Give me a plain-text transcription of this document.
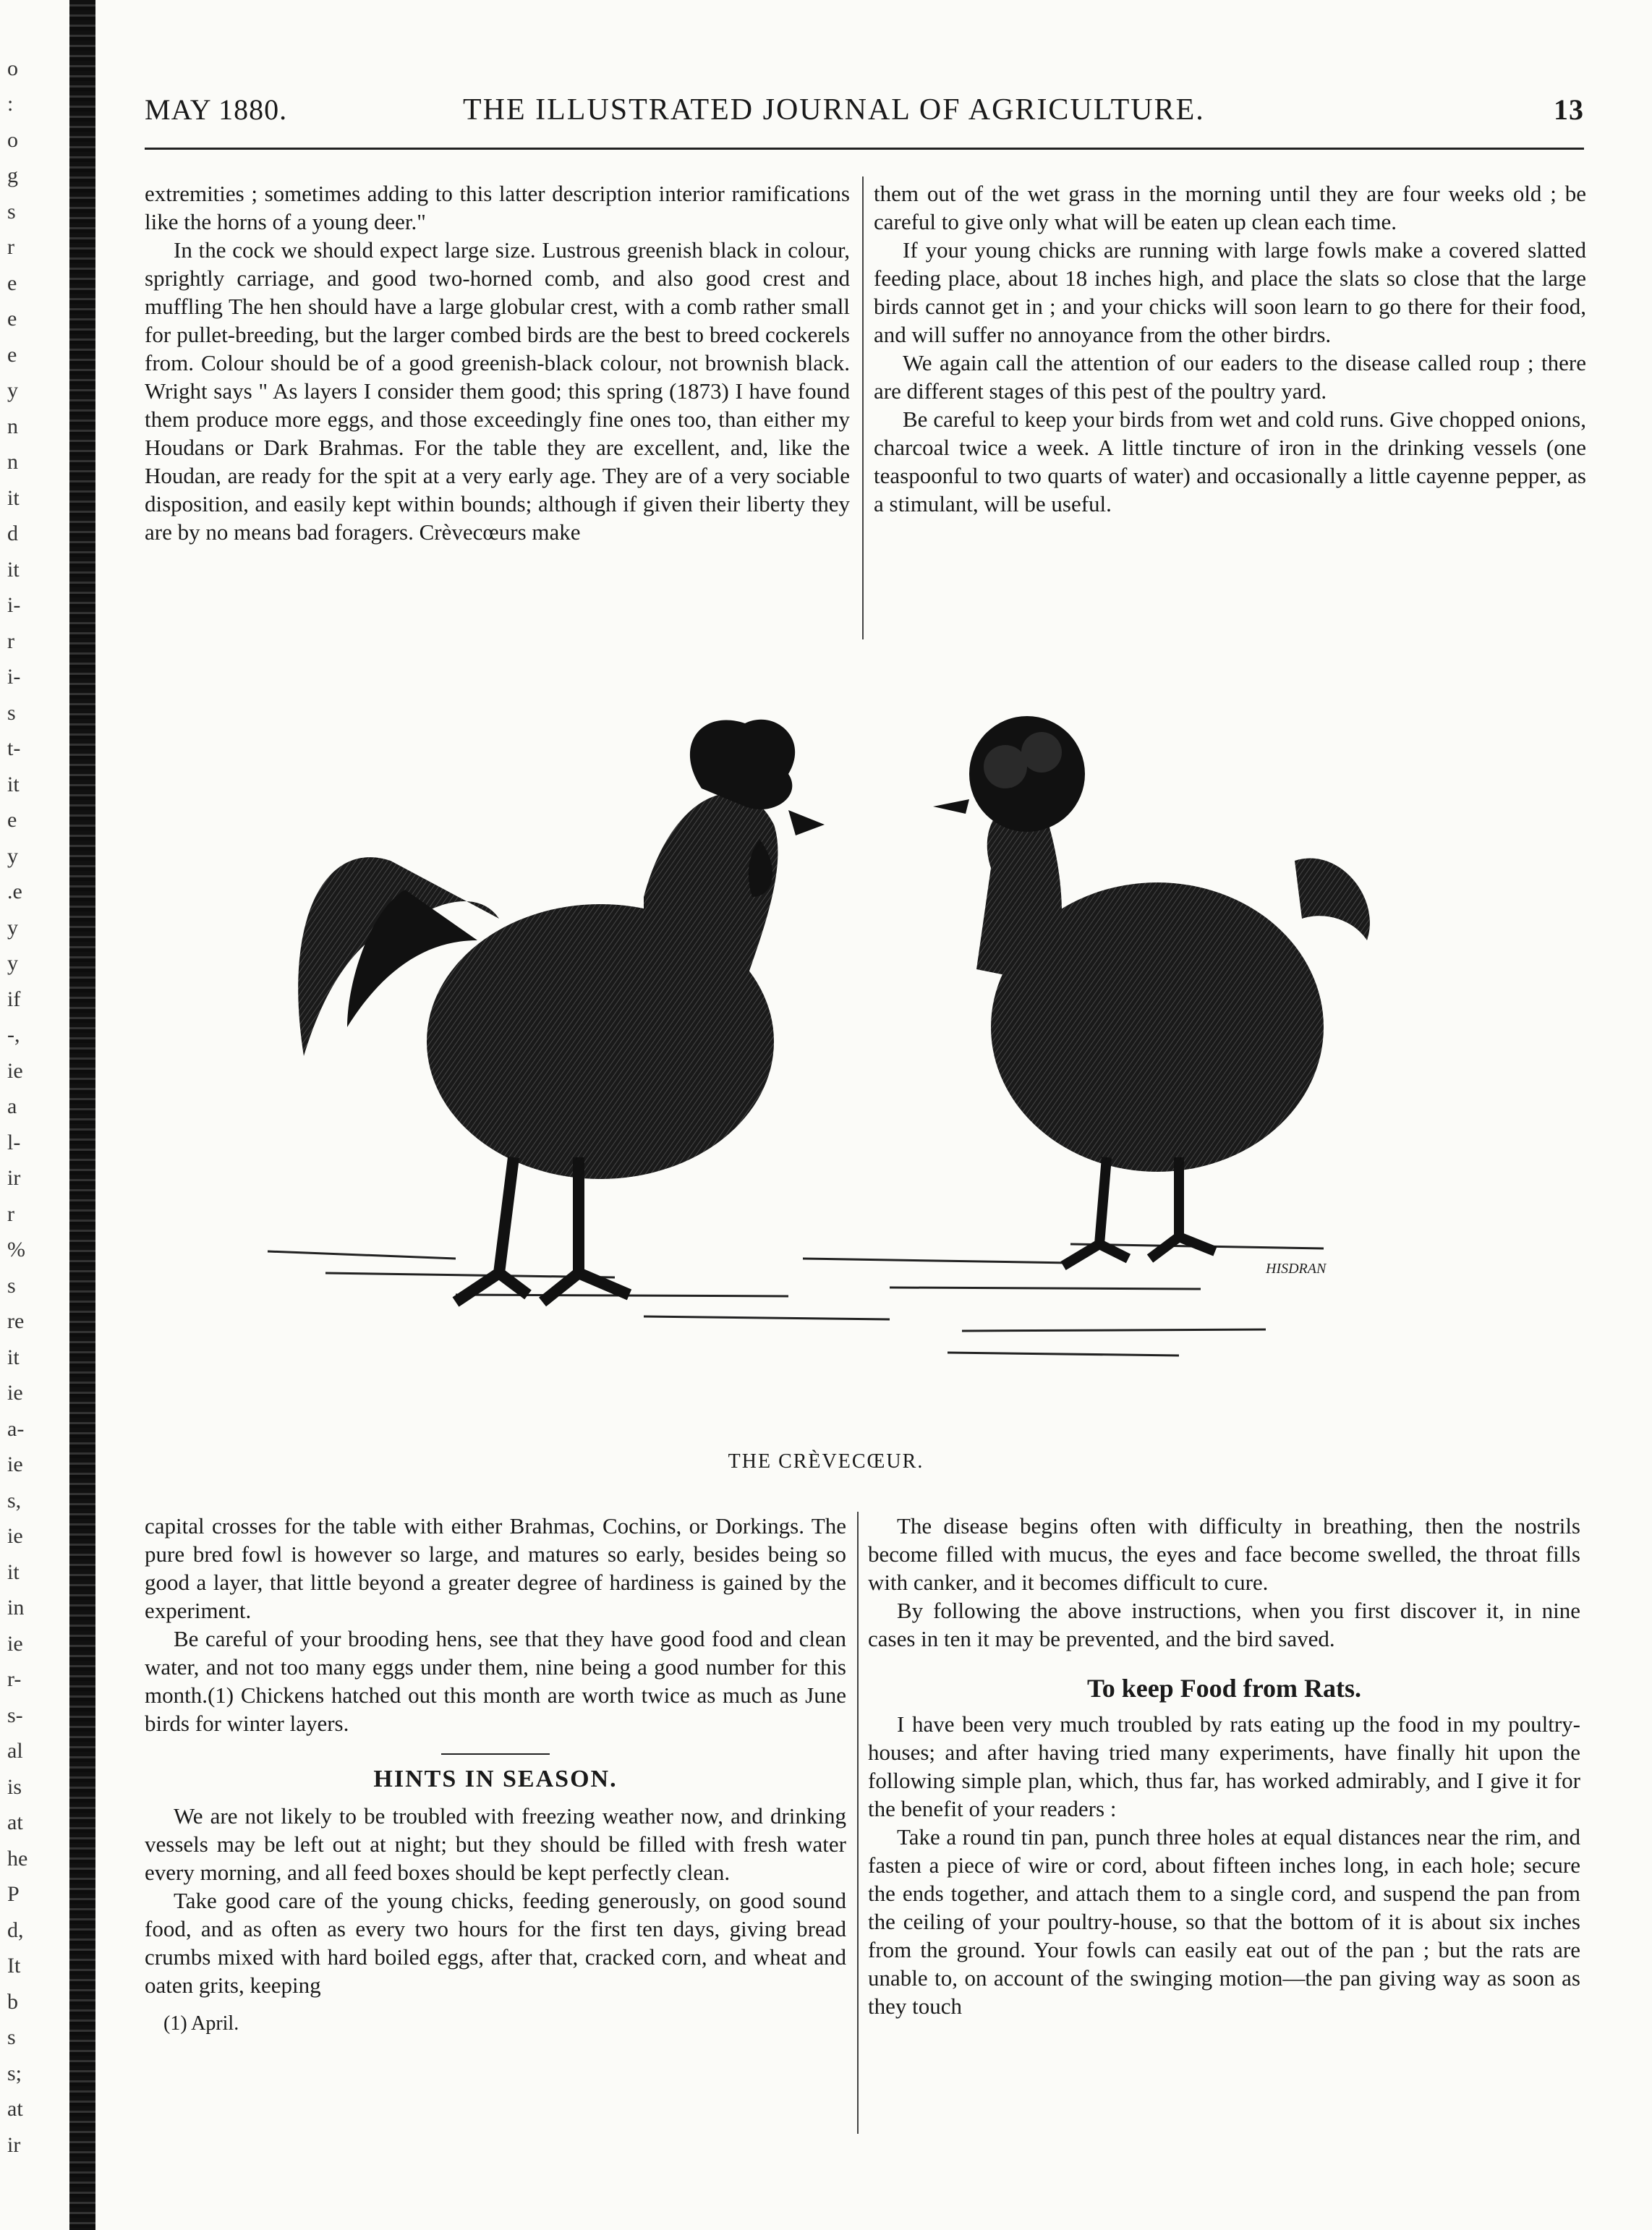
o
:
o
g
s
r
e
e
e
y
n
n
it
d
it
i-
r
i-
s
t-
it
e
y
.e
y
y
if
-,
ie
a
l-
ir
r
%
s
re
it
ie
a-
ie
s,
ie
it
in
ie
r-
s-
al
is
at
he
P
d,
It
b
s
s;
at
ir
MAY 1880.	THE ILLUSTRATED JOURNAL OF AGRICULTURE.	13

extremities ; sometimes adding to this latter description interior ramifications like the horns of a young deer."

In the cock we should expect large size. Lustrous greenish black in colour, sprightly carriage, and good two-horned comb, and also good crest and muffling The hen should have a large globular crest, with a comb rather small for pullet-breeding, but the larger combed birds are the best to breed cockerels from. Colour should be of a good greenish-black colour, not brownish black. Wright says " As layers I consider them good; this spring (1873) I have found them produce more eggs, and those exceedingly fine ones too, than either my Houdans or Dark Brahmas. For the table they are excellent, and, like the Houdan, are ready for the spit at a very early age. They are of a very sociable disposition, and easily kept within bounds; although if given their liberty they are by no means bad foragers. Crèvecœurs make

them out of the wet grass in the morning until they are four weeks old ; be careful to give only what will be eaten up clean each time.

If your young chicks are running with large fowls make a covered slatted feeding place, about 18 inches high, and place the slats so close that the large birds cannot get in ; and your chicks will soon learn to go there for their food, and will suffer no annoyance from the other birdrs.

We again call the attention of our eaders to the disease called roup ; there are different stages of this pest of the poultry yard.

Be careful to keep your birds from wet and cold runs. Give chopped onions, charcoal twice a week. A little tincture of iron in the drinking vessels (one teaspoonful to two quarts of water) and occasionally a little cayenne pepper, as a stimulant, will be useful.

HISDRAN
THE CRÈVECŒUR.

capital crosses for the table with either Brahmas, Cochins, or Dorkings. The pure bred fowl is however so large, and matures so early, besides being so good a layer, that little beyond a greater degree of hardiness is gained by the experiment.

Be careful of your brooding hens, see that they have good food and clean water, and not too many eggs under them, nine being a good number for this month.(1) Chickens hatched out this month are worth twice as much as June birds for winter layers.

HINTS IN SEASON.

We are not likely to be troubled with freezing weather now, and drinking vessels may be left out at night; but they should be filled with fresh water every morning, and all feed boxes should be kept perfectly clean.

Take good care of the young chicks, feeding generously, on good sound food, and as often as every two hours for the first ten days, giving bread crumbs mixed with hard boiled eggs, after that, cracked corn, and wheat and oaten grits, keeping

(1) April.

The disease begins often with difficulty in breathing, then the nostrils become filled with mucus, the eyes and face become swelled, the throat fills with canker, and it becomes difficult to cure.

By following the above instructions, when you first discover it, in nine cases in ten it may be prevented, and the bird saved.

To keep Food from Rats.

I have been very much troubled by rats eating up the food in my poultry-houses; and after having tried many experiments, have finally hit upon the following simple plan, which, thus far, has worked admirably, and I give it for the benefit of your readers :

Take a round tin pan, punch three holes at equal distances near the rim, and fasten a piece of wire or cord, about fifteen inches long, in each hole; secure the ends together, and attach them to a single cord, and suspend the pan from the ceiling of your poultry-house, so that the bottom of it is about six inches from the ground. Your fowls can easily eat out of the pan ; but the rats are unable to, on account of the swinging motion—the pan giving way as soon as they touch
